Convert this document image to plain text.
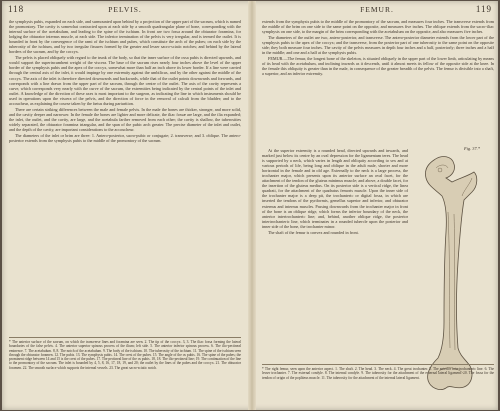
118	PELVIS.

the symphysis pubis, expanded on each side, and surmounted upon behind by a projection of the upper part of the sacrum, which is named the promontory. The cavity is somewhat contracted upon at each side by a smooth quadrangular plane of bone, corresponding with the internal surface of the acetabulum, and leading to the spine of the ischium. In front are two fossa around the obturator foramina, for lodging the obturator internus muscle, at each side. The inferior termination of the pelvis is very irregular, and is termed the outlet. It is bounded in front by the convergence of the rami of the ischium and pubes, which constitute the arch of the pubes; on each side by the tuberosity of the ischium, and by two irregular fissures formed by the greater and lesser sacro-sciatic notches; and behind by the lateral borders of the sacrum, and by the coccyx.

The pelvis is placed obliquely with regard to the trunk of the body, so that the inner surface of the ossa pubis is directed upwards, and would support the superincumbent weight of the viscera. The base of the sacrum rises nearly four inches above the level of the upper border of the symphysis pubis and the apex of the coccyx, somewhat more than half an inch above its lower border. If a line were carried through the central axis of the inlet, it would impinge by one extremity against the umbilicus, and by the other against the middle of the coccyx. The axis of the inlet is therefore directed downwards and backwards, while that of the outlet points downwards and forwards, and corresponds with a line drawn from the upper part of the sacrum, through the centre of the outlet. The axis of the cavity represents a curve, which corresponds very nearly with the curve of the sacrum, the extremities being indicated by the central points of the inlet and outlet. A knowledge of the direction of these axes is most important to the surgeon, as indicating the line in which instruments should be used in operations upon the viscera of the pelvis, and the direction of force in the removal of calculi from the bladder; and to the accoucheur, as explaining the course taken by the fœtus during parturition.

There are certain striking differences between the male and female pelvis. In the male the bones are thicker, stronger, and more solid, and the cavity deeper and narrower. In the female the bones are lighter and more delicate, the iliac fossæ are large, and the ilia expanded; the inlet, the outlet, and the cavity, are large, and the acetabula farther removed from each other; the cavity is shallow, the tuberosities widely separated, the obturator foramina triangular, and the span of the pubic arch greater. The precise diameter of the inlet and outlet, and the depth of the cavity, are important considerations to the accoucheur.

The diameters of the inlet or brim are three: 1. Antero-posterior, sacro-pubic or conjugate; 2. transverse; and 3. oblique. The antero-posterior extends from the symphysis pubis to the middle of the promontory of the sacrum.

* The anterior surface of the sacrum, on which the transverse lines and foramina are seen. 2. The tip of the coccyx. 3, 3. The iliac fossa forming the lateral boundaries of the false pelvis. 4. The anterior superior spinous process of the ilium; left side. 5. The anterior inferior spinous process. 6. The ilio-pectineal eminence. 7. The acetabulum. 8, 8. The notch of the acetabulum. 9. The body of the ischium. 10. The tuberosity of the ischium. 11. The spine of the ischium seen through the obturator foramen. 12. The pubis. 13. The symphysis pubis. 14. The crest of the pubes. 15. The angle of the os pubis. 16. The spine of the pubes; the prominent ridge between 14 and 15 is the crest of the pubes. 17. The pectineal line of the os pubis. 18, 18. The ilio-pectineal line; 19. The continuation of the line to the promontory of the sacrum. The inlet is bounded by 4, 5, 8, 16, 17, 18, 19, and 20; the outlet by the lines of the pubes and the coccyx. 21. The obturator foramen. 22. The smooth surface which supports the internal vessels. 23. The great sacro-sciatic notch.
FEMUR.	119

extends from the symphysis pubis to the middle of the promontory of the sacrum, and measures four inches. The transverse extends from the middle of the brim on one side to the same point on the opposite, and measures five inches. The oblique extends from the sacro-iliac symphysis on one side, to the margin of the brim corresponding with the acetabulum on the opposite, and also measures five inches.

The diameters of the outlet are two, antero-posterior, and transverse. The antero-posterior diameter extends from the lower part of the symphysis pubis to the apex of the coccyx; and the transverse, from the posterior part of one tuberosity to the same point on the opposite side; they both measure four inches. The cavity of the pelvis measures in depth four inches and a half, posteriorly; three inches and a half in the middle; and one and a half at the symphysis pubis.

FEMUR.—The femur, the longest bone of the skeleton, is situated obliquely in the upper part of the lower limb, articulating by means of its head with the acetabulum, and inclining inwards as it descends, until it almost meets its fellow of the opposite side at the knee. In the female this obliquity is greater than in the male, in consequence of the greater breadth of the pelvis. The femur is divisible into a shaft, a superior, and an inferior extremity.

At the superior extremity is a rounded head, directed upwards and inwards, and marked just below its centre by an oval depression for the ligamentum teres. The head is supported by a neck, which varies in length and obliquity according to sex and at various periods of life, being long and oblique in the adult male, shorter and more horizontal in the female and in old age. Externally to the neck is a large process, the trochanter major, which presents upon its anterior surface an oval facet, for the attachment of the tendon of the gluteus minimus muscle; and above, a double facet, for the insertion of the gluteus medius. On its posterior side is a vertical ridge, the linea quadrati, for the attachment of the quadratus femoris muscle. Upon the inner side of the trochanter major is a deep pit, the trochanteric or digital fossa, in which are inserted the tendons of the pyriformis, gemellus superior and inferior, and obturator externus and internus muscles. Passing downwards from the trochanter major in front of the bone is an oblique ridge, which forms the inferior boundary of the neck, the anterior intertrochanteric line; and, behind, another oblique ridge, the posterior intertrochanteric line, which terminates in a rounded tubercle upon the posterior and inner side of the bone, the trochanter minor.

The shaft of the femur is convex and rounded in front.

Fig. 37.*
* The right femur, seen upon the anterior aspect. 1. The shaft. 2. The head. 3. The neck. 4. The great trochanter. 5. The anterior intertrochanteric line. 6. The lesser trochanter. 7. The external condyle. 8. The internal condyle. 9. The tuberosity for the attachment of the external lateral ligament. 10. The fossa for the tendon of origin of the popliteus muscle. 11. The tuberosity for the attachment of the internal lateral ligament.
